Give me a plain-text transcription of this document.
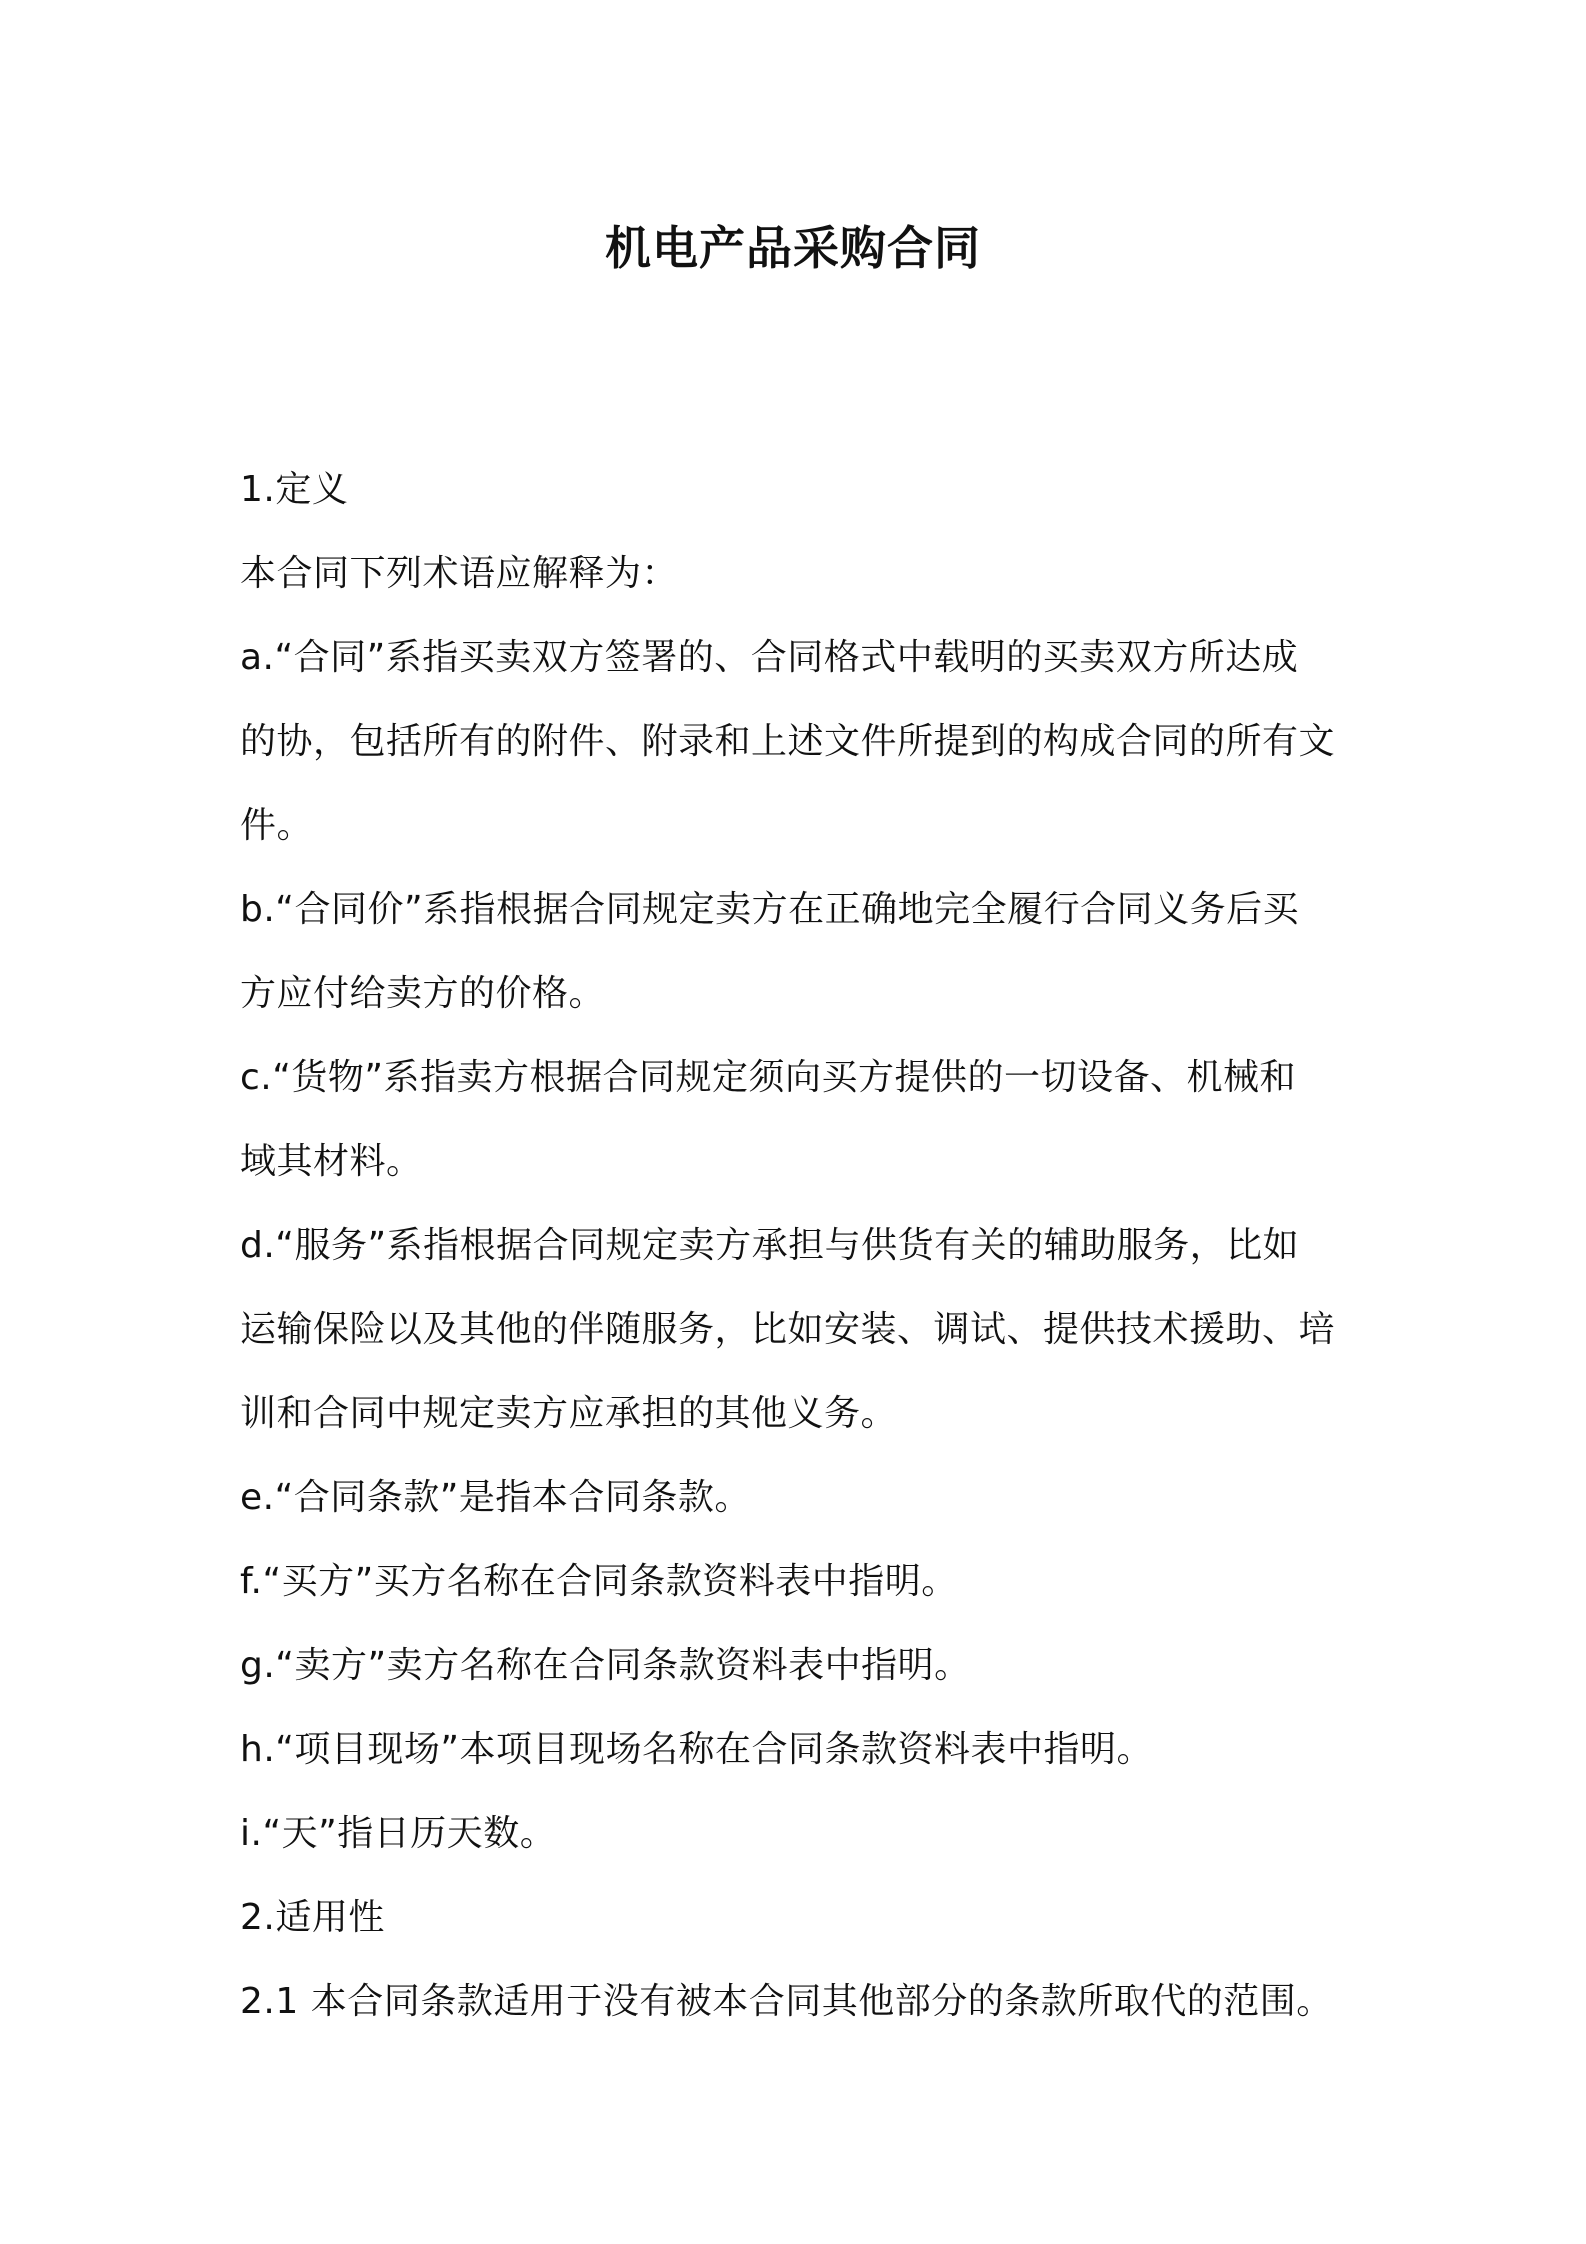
机电产品采购合同
1.定义
本合同下列术语应解释为：
a.“合同”系指买卖双方签署的、合同格式中载明的买卖双方所达成
的协，包括所有的附件、附录和上述文件所提到的构成合同的所有文
件。
b.“合同价”系指根据合同规定卖方在正确地完全履行合同义务后买
方应付给卖方的价格。
c.“货物”系指卖方根据合同规定须向买方提供的一切设备、机械和
域其材料。
d.“服务”系指根据合同规定卖方承担与供货有关的辅助服务，比如
运输保险以及其他的伴随服务，比如安装、调试、提供技术援助、培
训和合同中规定卖方应承担的其他义务。
e.“合同条款”是指本合同条款。
f.“买方”买方名称在合同条款资料表中指明。
g.“卖方”卖方名称在合同条款资料表中指明。
h.“项目现场”本项目现场名称在合同条款资料表中指明。
i.“天”指日历天数。
2.适用性
2.1 本合同条款适用于没有被本合同其他部分的条款所取代的范围。
